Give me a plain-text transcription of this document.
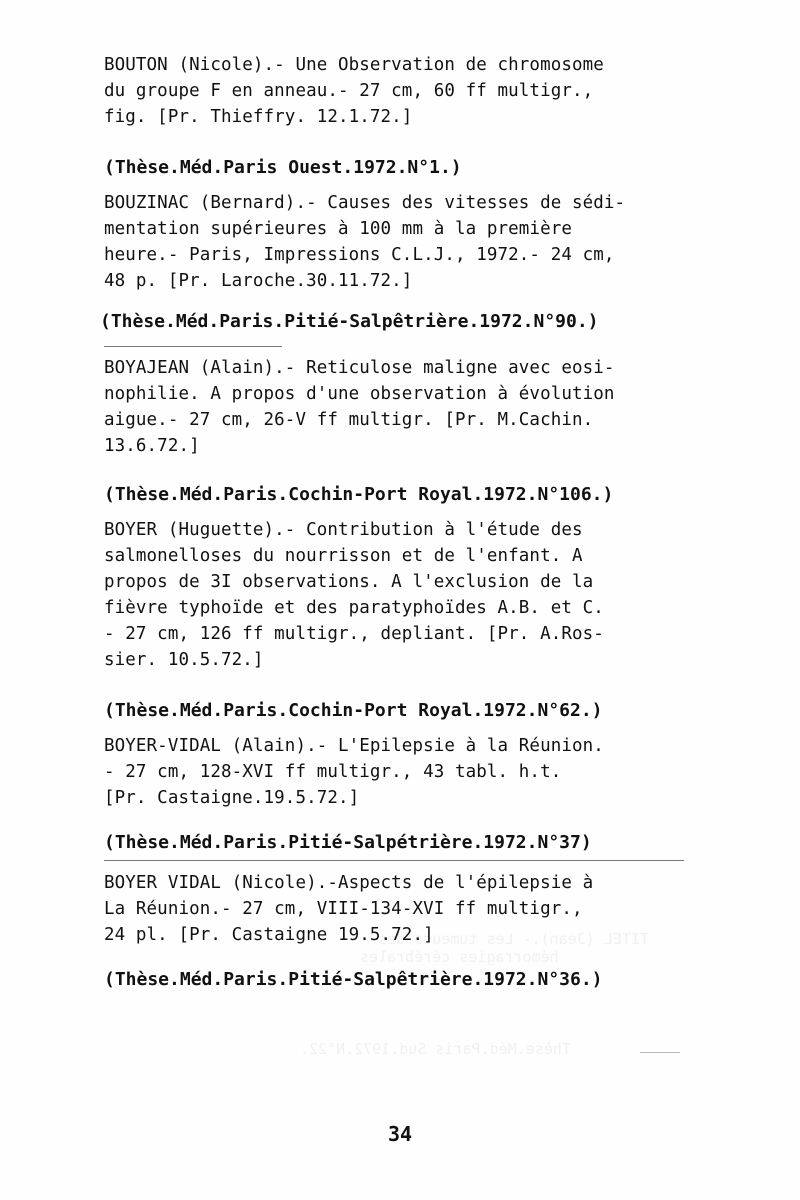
TITEL (Jean).- Les tumeurs des
hémorragies cérébrales
Thèse.Méd.Paris Sud.1972.N°22.
BOUTON (Nicole).- Une Observation de chromosome
du groupe F en anneau.- 27 cm, 60 ff multigr.,
fig. [Pr. Thieffry. 12.1.72.]
(Thèse.Méd.Paris Ouest.1972.N°1.)
BOUZINAC (Bernard).- Causes des vitesses de sédi-
mentation supérieures à 100 mm à la première
heure.- Paris, Impressions C.L.J., 1972.- 24 cm,
48 p. [Pr. Laroche.30.11.72.]
(Thèse.Méd.Paris.Pitié-Salpêtrière.1972.N°90.)
BOYAJEAN (Alain).- Reticulose maligne avec eosi-
nophilie. A propos d'une observation à évolution
aigue.- 27 cm, 26-V ff multigr. [Pr. M.Cachin.
13.6.72.]
(Thèse.Méd.Paris.Cochin-Port Royal.1972.N°106.)
BOYER (Huguette).- Contribution à l'étude des
salmonelloses du nourrisson et de l'enfant. A
propos de 3I observations. A l'exclusion de la
fièvre typhoïde et des paratyphoïdes A.B. et C.
- 27 cm, 126 ff multigr., depliant. [Pr. A.Ros-
sier. 10.5.72.]
(Thèse.Méd.Paris.Cochin-Port Royal.1972.N°62.)
BOYER-VIDAL (Alain).- L'Epilepsie à la Réunion.
- 27 cm, 128-XVI ff multigr., 43 tabl. h.t.
[Pr. Castaigne.19.5.72.]
(Thèse.Méd.Paris.Pitié-Salpétrière.1972.N°37)
BOYER VIDAL (Nicole).-Aspects de l'épilepsie à
La Réunion.- 27 cm, VIII-134-XVI ff multigr.,
24 pl. [Pr. Castaigne 19.5.72.]
(Thèse.Méd.Paris.Pitié-Salpêtrière.1972.N°36.)
34
